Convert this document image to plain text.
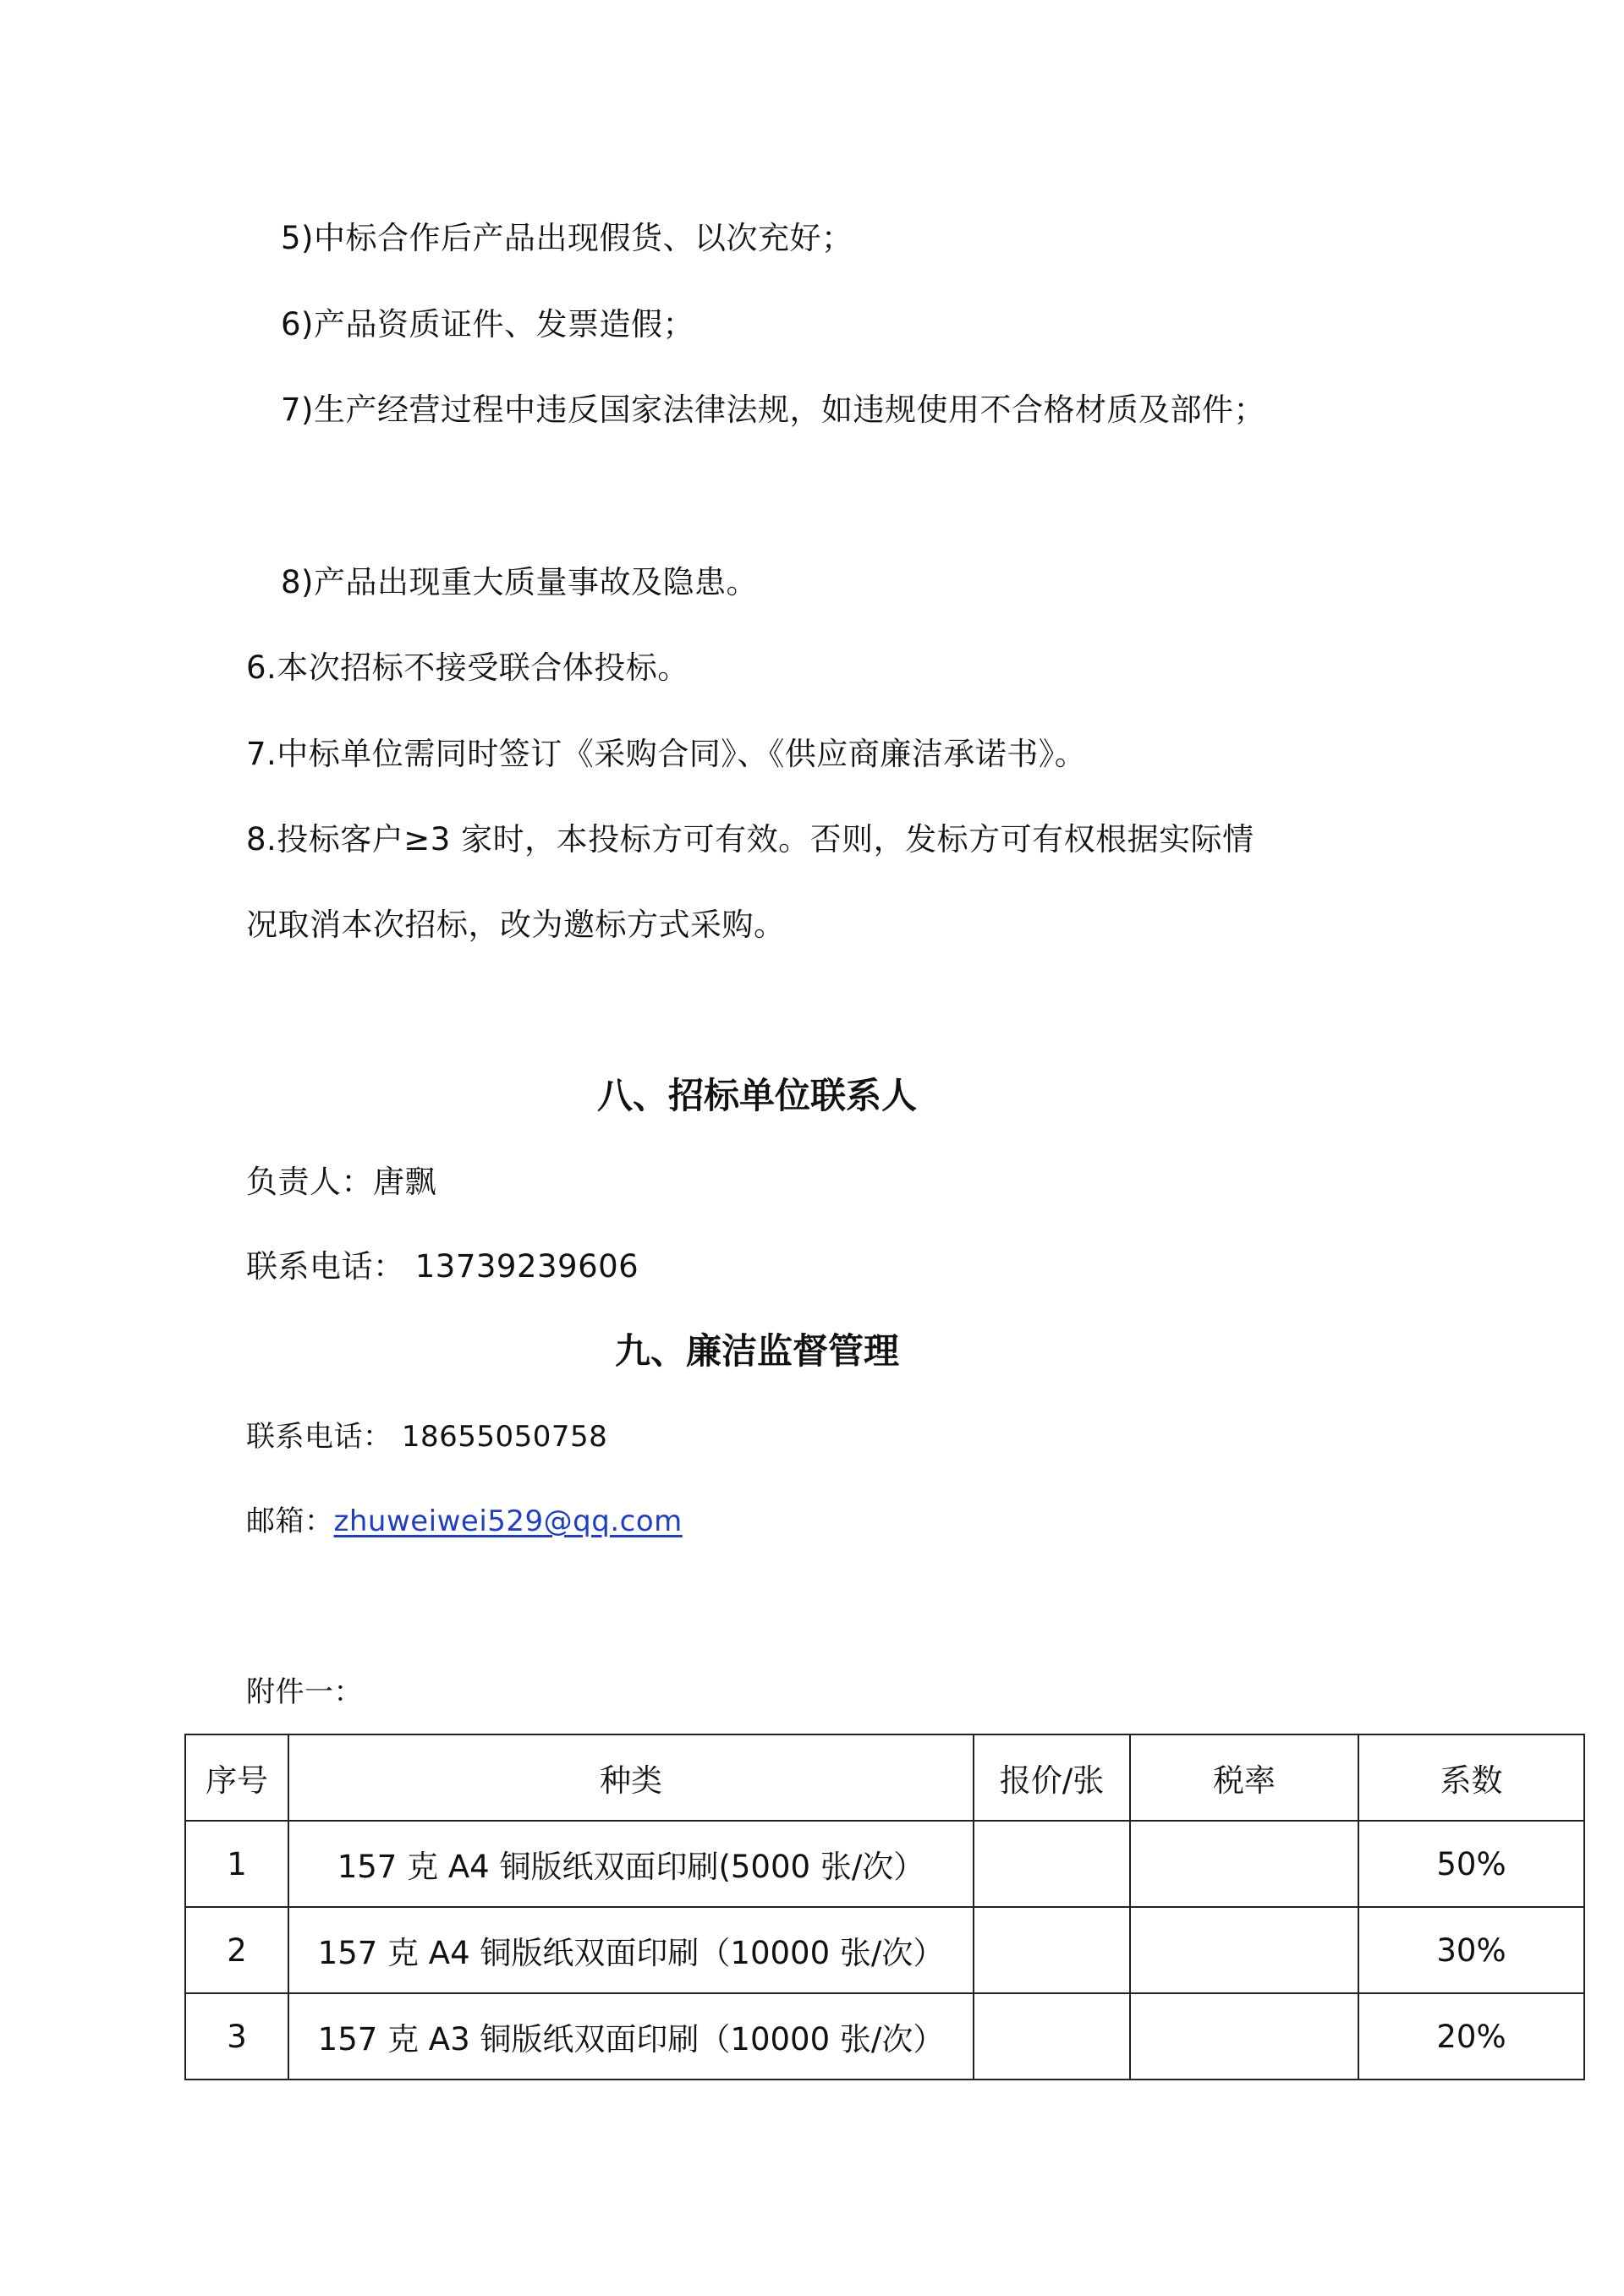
5)中标合作后产品出现假货、以次充好；
6)产品资质证件、发票造假；
7)生产经营过程中违反国家法律法规，如违规使用不合格材质及部件；
8)产品出现重大质量事故及隐患。
6.本次招标不接受联合体投标。
7.中标单位需同时签订《采购合同》、《供应商廉洁承诺书》。
8.投标客户≥3 家时，本投标方可有效。否则，发标方可有权根据实际情
况取消本次招标，改为邀标方式采购。
八、招标单位联系人
负责人：唐飘
联系电话： 13739239606
九、廉洁监督管理
联系电话： 18655050758
邮箱：zhuweiwei529@qq.com
附件一：
序号	种类	报价/张	税率	系数
1	157 克 A4 铜版纸双面印刷(5000 张/次）			50%
2	157 克 A4 铜版纸双面印刷（10000 张/次）			30%
3	157 克 A3 铜版纸双面印刷（10000 张/次）			20%
